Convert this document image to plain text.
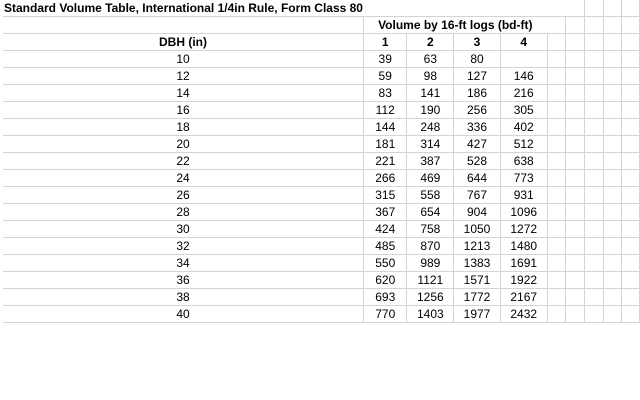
Standard Volume Table, International 1/4in Rule, Form Class 80									
	Volume by 16-ft logs (bd-ft)								
DBH (in)	1	2	3	4					
10	39	63	80						
12	59	98	127	146					
14	83	141	186	216					
16	112	190	256	305					
18	144	248	336	402					
20	181	314	427	512					
22	221	387	528	638					
24	266	469	644	773					
26	315	558	767	931					
28	367	654	904	1096					
30	424	758	1050	1272					
32	485	870	1213	1480					
34	550	989	1383	1691					
36	620	1121	1571	1922					
38	693	1256	1772	2167					
40	770	1403	1977	2432					
